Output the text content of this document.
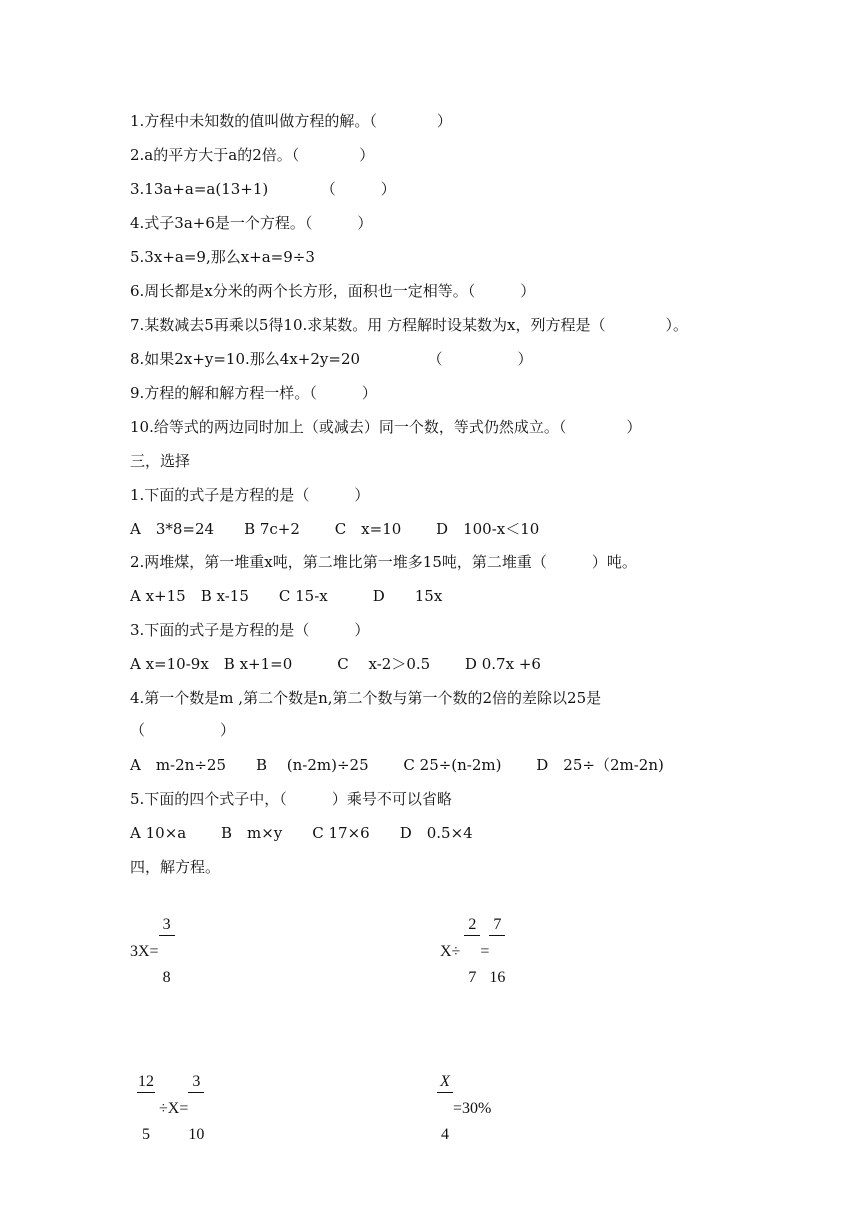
1.方程中未知数的值叫做方程的解。（　　　　）
2.a的平方大于a的2倍。（　　　　）
3.13a+a=a(13+1)　　　　（　　　）
4.式子3a+6是一个方程。（　　　）
5.3x+a=9,那么x+a=9÷3
6.周长都是x分米的两个长方形，面积也一定相等。（　　　）
7.某数减去5再乘以5得10.求某数。用 方程解时设某数为x，列方程是（　　　　）。
8.如果2x+y=10.那么4x+2y=20　　　　　（　　　　　）
9.方程的解和解方程一样。（　　　）
10.给等式的两边同时加上（或减去）同一个数，等式仍然成立。（　　　　）
三，选择
1.下面的式子是方程的是（　　　）
A　3*8=24　　B 7c+2　　 C　x=10　　 D　100-x＜10
2.两堆煤，第一堆重x吨，第二堆比第一堆多15吨，第二堆重（　　　）吨。
A x+15　B x-15　　C 15-x　　　D　　15x
3.下面的式子是方程的是（　　　）
A x=10-9x　B x+1=0　　　C　 x-2＞0.5　　 D 0.7x +6
4.第一个数是m ,第二个数是n,第二个数与第一个数的2倍的差除以25是
（　　　　　）
A　m-2n÷25　　B　 (n-2m)÷25　　 C 25÷(n-2m)　　 D　25÷（2m-2n)
5.下面的四个式子中，（　　　）乘号不可以省略
A 10×a　　 B　m×y　　C 17×6　　D　0.5×4
四，解方程。
3X=

$\frac{3}{8}$

	X÷

$\frac{2}{7}$

=

$\frac{7}{16}$

$\frac{12}{5}$

÷X=

$\frac{3}{10}$

	$\frac{X}{4}$

=30%
